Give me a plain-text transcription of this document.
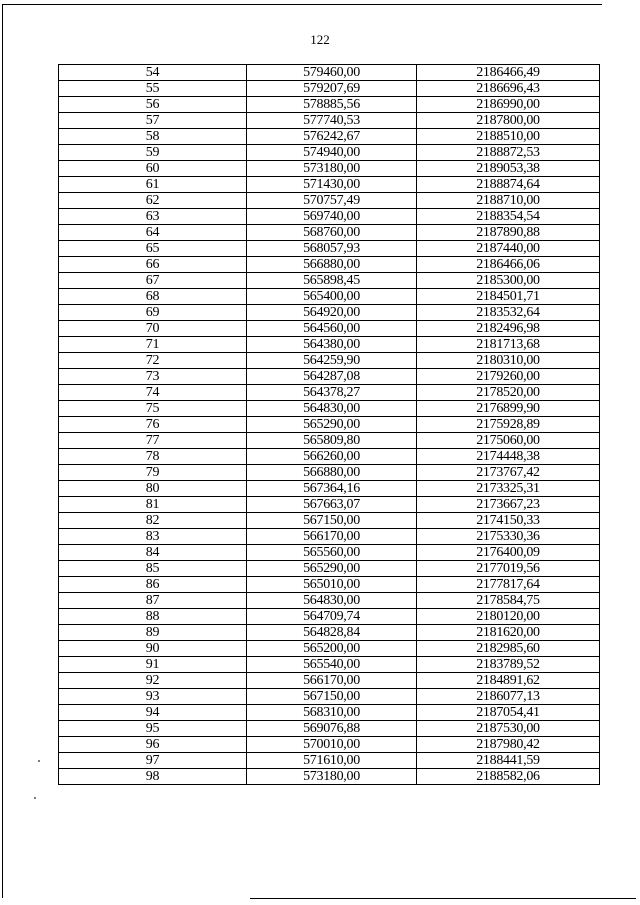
122
54	579460,00	2186466,49
55	579207,69	2186696,43
56	578885,56	2186990,00
57	577740,53	2187800,00
58	576242,67	2188510,00
59	574940,00	2188872,53
60	573180,00	2189053,38
61	571430,00	2188874,64
62	570757,49	2188710,00
63	569740,00	2188354,54
64	568760,00	2187890,88
65	568057,93	2187440,00
66	566880,00	2186466,06
67	565898,45	2185300,00
68	565400,00	2184501,71
69	564920,00	2183532,64
70	564560,00	2182496,98
71	564380,00	2181713,68
72	564259,90	2180310,00
73	564287,08	2179260,00
74	564378,27	2178520,00
75	564830,00	2176899,90
76	565290,00	2175928,89
77	565809,80	2175060,00
78	566260,00	2174448,38
79	566880,00	2173767,42
80	567364,16	2173325,31
81	567663,07	2173667,23
82	567150,00	2174150,33
83	566170,00	2175330,36
84	565560,00	2176400,09
85	565290,00	2177019,56
86	565010,00	2177817,64
87	564830,00	2178584,75
88	564709,74	2180120,00
89	564828,84	2181620,00
90	565200,00	2182985,60
91	565540,00	2183789,52
92	566170,00	2184891,62
93	567150,00	2186077,13
94	568310,00	2187054,41
95	569076,88	2187530,00
96	570010,00	2187980,42
97	571610,00	2188441,59
98	573180,00	2188582,06
